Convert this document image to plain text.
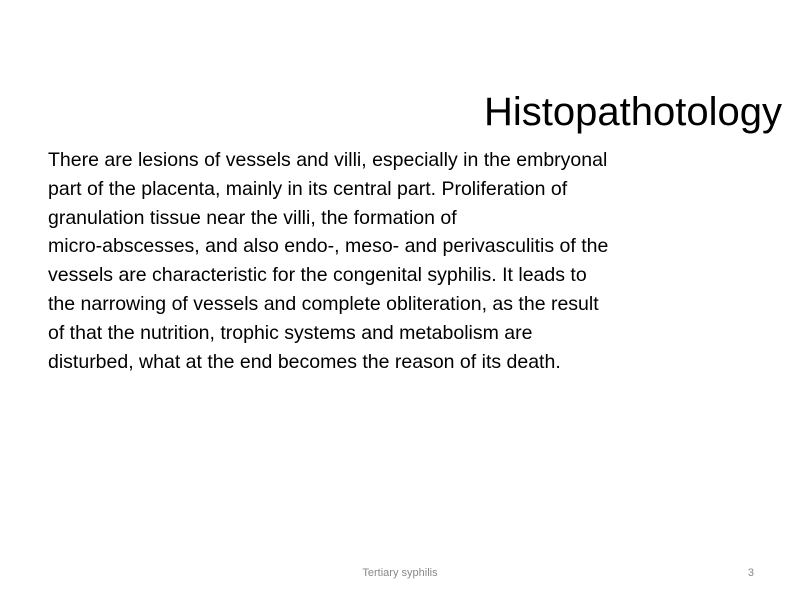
Histopathotology
There are lesions of vessels and villi, especially in the embryonal
part of the placenta, mainly in its central part. Proliferation of
granulation tissue near the villi, the formation of
micro-abscesses, and also endo-, meso- and perivasculitis of the
vessels are characteristic for the congenital syphilis. It leads to
the narrowing of vessels and complete obliteration, as the result
of that the nutrition, trophic systems and metabolism are
disturbed, what at the end becomes the reason of its death.
Tertiary syphilis	3
